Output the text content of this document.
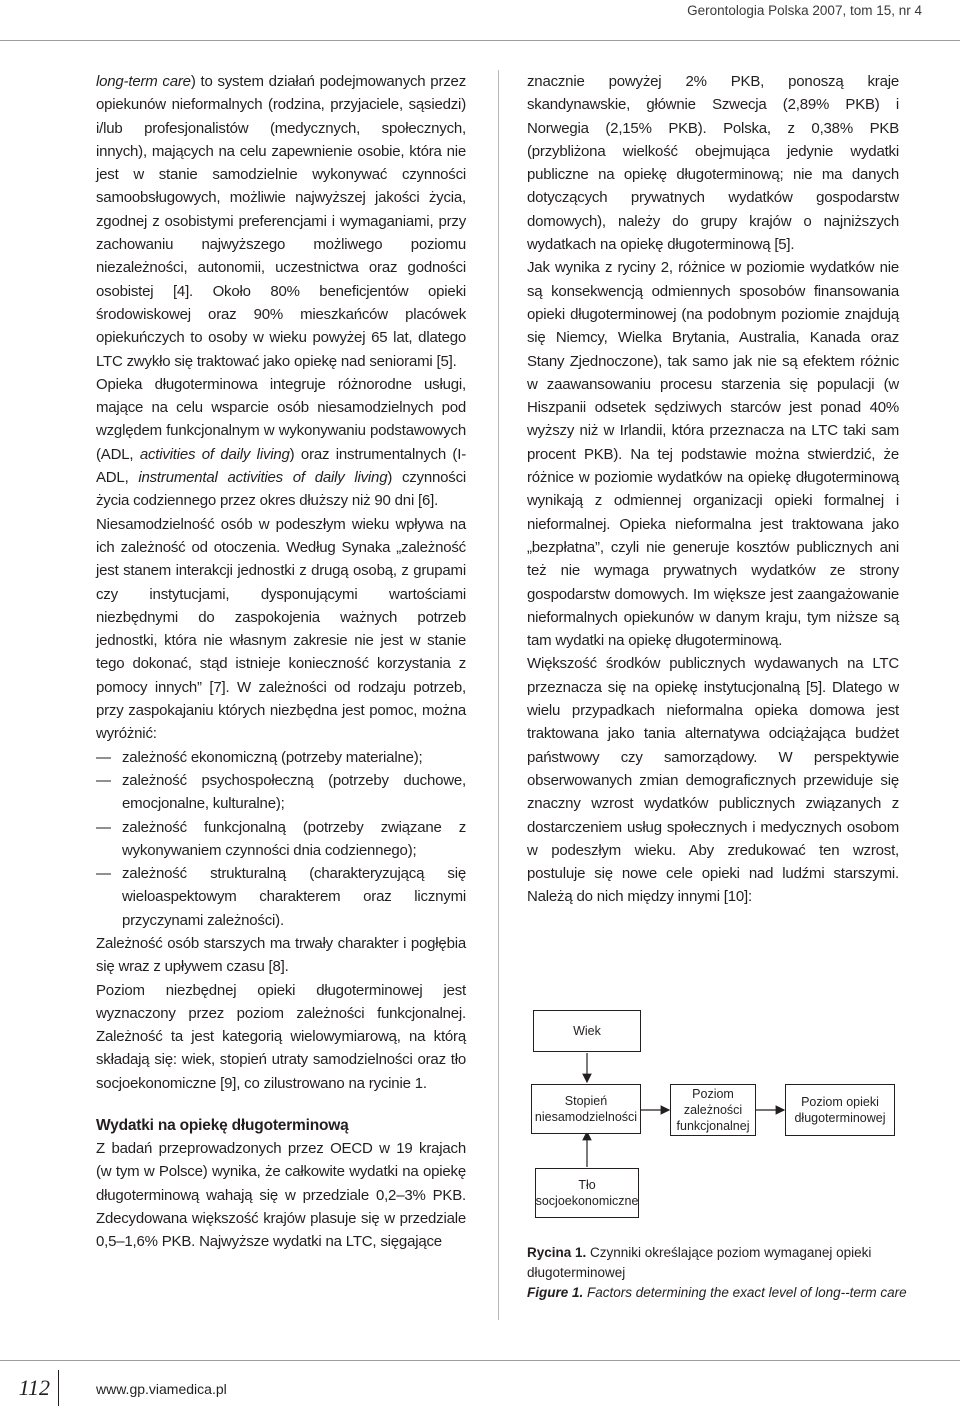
Gerontologia Polska 2007, tom 15, nr 4

long-term care) to system działań podejmowanych przez opiekunów nieformalnych (rodzina, przyjaciele, sąsiedzi) i/lub profesjonalistów (medycznych, społecznych, innych), mających na celu zapewnienie osobie, która nie jest w stanie samodzielnie wykonywać czynności samoobsługowych, możliwie najwyższej jakości życia, zgodnej z osobistymi preferencjami i wymaganiami, przy zachowaniu najwyższego możliwego poziomu niezależności, autonomii, uczestnictwa oraz godności osobistej [4]. Około 80% beneficjentów opieki środowiskowej oraz 90% mieszkańców placówek opiekuńczych to osoby w wieku powyżej 65 lat, dlatego LTC zwykło się traktować jako opiekę nad seniorami [5].

Opieka długoterminowa integruje różnorodne usługi, mające na celu wsparcie osób niesamodzielnych pod względem funkcjonalnym w wykonywaniu podstawowych (ADL, activities of daily living) oraz instrumentalnych (I-ADL, instrumental activities of daily living) czynności życia codziennego przez okres dłuższy niż 90 dni [6].

Niesamodzielność osób w podeszłym wieku wpływa na ich zależność od otoczenia. Według Synaka „zależność jest stanem interakcji jednostki z drugą osobą, z grupami czy instytucjami, dysponującymi wartościami niezbędnymi do zaspokojenia ważnych potrzeb jednostki, która nie własnym zakresie nie jest w stanie tego dokonać, stąd istnieje konieczność korzystania z pomocy innych” [7]. W zależności od rodzaju potrzeb, przy zaspokajaniu których niezbędna jest pomoc, można wyróżnić:

— zależność ekonomiczną (potrzeby materialne);
— zależność psychospołeczną (potrzeby duchowe, emocjonalne, kulturalne);
— zależność funkcjonalną (potrzeby związane z wykonywaniem czynności dnia codziennego);
— zależność strukturalną (charakteryzującą się wieloaspektowym charakterem oraz licznymi przyczynami zależności).

Zależność osób starszych ma trwały charakter i pogłębia się wraz z upływem czasu [8].

Poziom niezbędnej opieki długoterminowej jest wyznaczony przez poziom zależności funkcjonalnej. Zależność ta jest kategorią wielowymiarową, na którą składają się: wiek, stopień utraty samodzielności oraz tło socjoekonomiczne [9], co zilustrowano na rycinie 1.

Wydatki na opiekę długoterminową

Z badań przeprowadzonych przez OECD w 19 krajach (w tym w Polsce) wynika, że całkowite wydatki na opiekę długoterminową wahają się w przedziale 0,2–3% PKB. Zdecydowana większość krajów plasuje się w przedziale 0,5–1,6% PKB. Najwyższe wydatki na LTC, sięgające

znacznie powyżej 2% PKB, ponoszą kraje skandynawskie, głównie Szwecja (2,89% PKB) i Norwegia (2,15% PKB). Polska, z 0,38% PKB (przybliżona wielkość obejmująca jedynie wydatki publiczne na opiekę długoterminową; nie ma danych dotyczących prywatnych wydatków gospodarstw domowych), należy do grupy krajów o najniższych wydatkach na opiekę długoterminową [5].

Jak wynika z ryciny 2, różnice w poziomie wydatków nie są konsekwencją odmiennych sposobów finansowania opieki długoterminowej (na podobnym poziomie znajdują się Niemcy, Wielka Brytania, Australia, Kanada oraz Stany Zjednoczone), tak samo jak nie są efektem różnic w zaawansowaniu procesu starzenia się populacji (w Hiszpanii odsetek sędziwych starców jest ponad 40% wyższy niż w Irlandii, która przeznacza na LTC taki sam procent PKB). Na tej podstawie można stwierdzić, że różnice w poziomie wydatków na opiekę długoterminową wynikają z odmiennej organizacji opieki formalnej i nieformalnej. Opieka nieformalna jest traktowana jako „bezpłatna”, czyli nie generuje kosztów publicznych ani też nie wymaga prywatnych wydatków ze strony gospodarstw domowych. Im większe jest zaangażowanie nieformalnych opiekunów w danym kraju, tym niższe są tam wydatki na opiekę długoterminową.

Większość środków publicznych wydawanych na LTC przeznacza się na opiekę instytucjonalną [5]. Dlatego w wielu przypadkach nieformalna opieka domowa jest traktowana jako tania alternatywa odciążająca budżet państwowy czy samorządowy. W perspektywie obserwowanych zmian demograficznych przewiduje się znaczny wzrost wydatków publicznych związanych z dostarczeniem usług społecznych i medycznych osobom w podeszłym wieku. Aby zredukować ten wzrost, postuluje się nowe cele opieki nad ludźmi starszymi. Należą do nich między innymi [10]:

Wiek
Stopień niesamodzielności
Poziom zależności funkcjonalnej
Poziom opieki długoterminowej
Tło socjoekonomiczne
Rycina 1. Czynniki określające poziom wymaganej opieki długoterminowej
Figure 1. Factors determining the exact level of long--term care
112	www.gp.viamedica.pl
